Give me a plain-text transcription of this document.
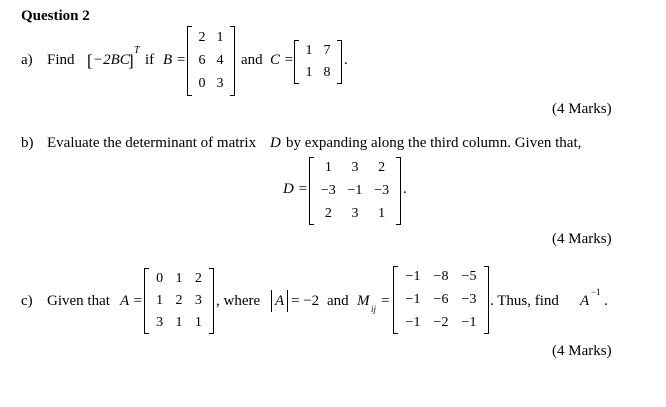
Question 2
a) Find [ −2BC
]
T
if B =
2 1
6 4
0 3
and C =
1 7
1 8
.
(4 Marks)
b) Evaluate the determinant of matrix D by expanding along the third column. Given that,
D =
1 3 2
−3 −1 −3
2 3 1
.
(4 Marks)
c) Given that A =
0 1 2
1 2 3
3 1 1
, where A = −2 and M ij =
−1 −8 −5
−1 −6 −3
−1 −2 −1
. Thus, find A
−1
.
(4 Marks)
